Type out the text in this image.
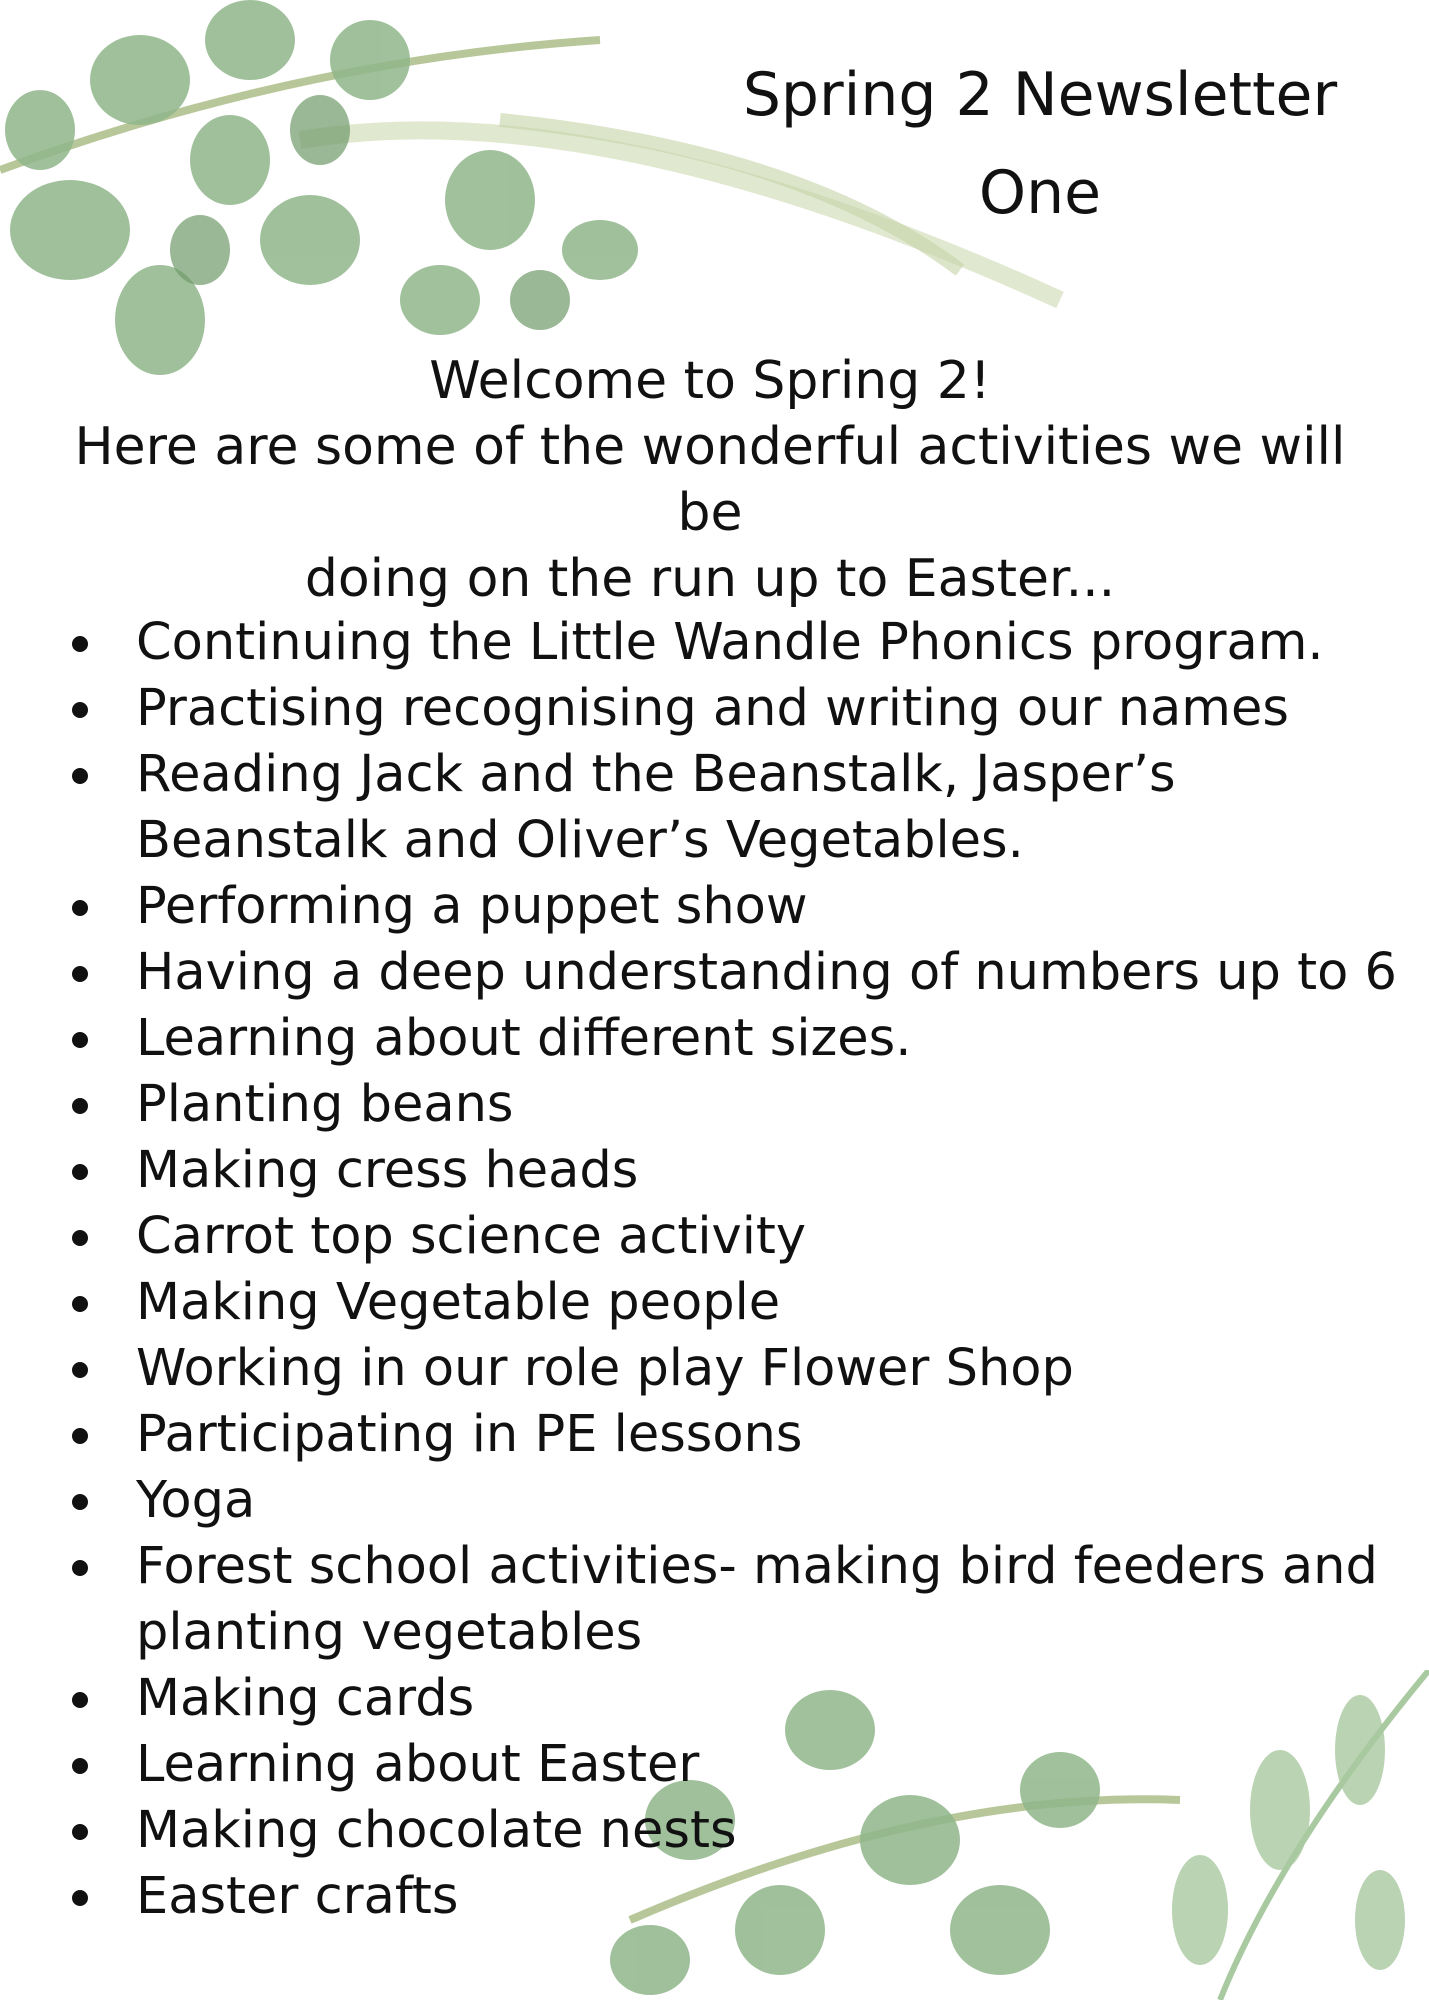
Spring 2 Newsletter
One
Welcome to Spring 2!
Here are some of the wonderful activities we will be
doing on the run up to Easter...
Continuing the Little Wandle Phonics program.
Practising recognising and writing our names
Reading Jack and the Beanstalk, Jasper’s Beanstalk and Oliver’s Vegetables.
Performing a puppet show
Having a deep understanding of numbers up to 6
Learning about different sizes.
Planting beans
Making cress heads
Carrot top science activity
Making Vegetable people
Working in our role play Flower Shop
Participating in PE lessons
Yoga
Forest school activities- making bird feeders and planting vegetables
Making cards
Learning about Easter
Making chocolate nests
Easter crafts
